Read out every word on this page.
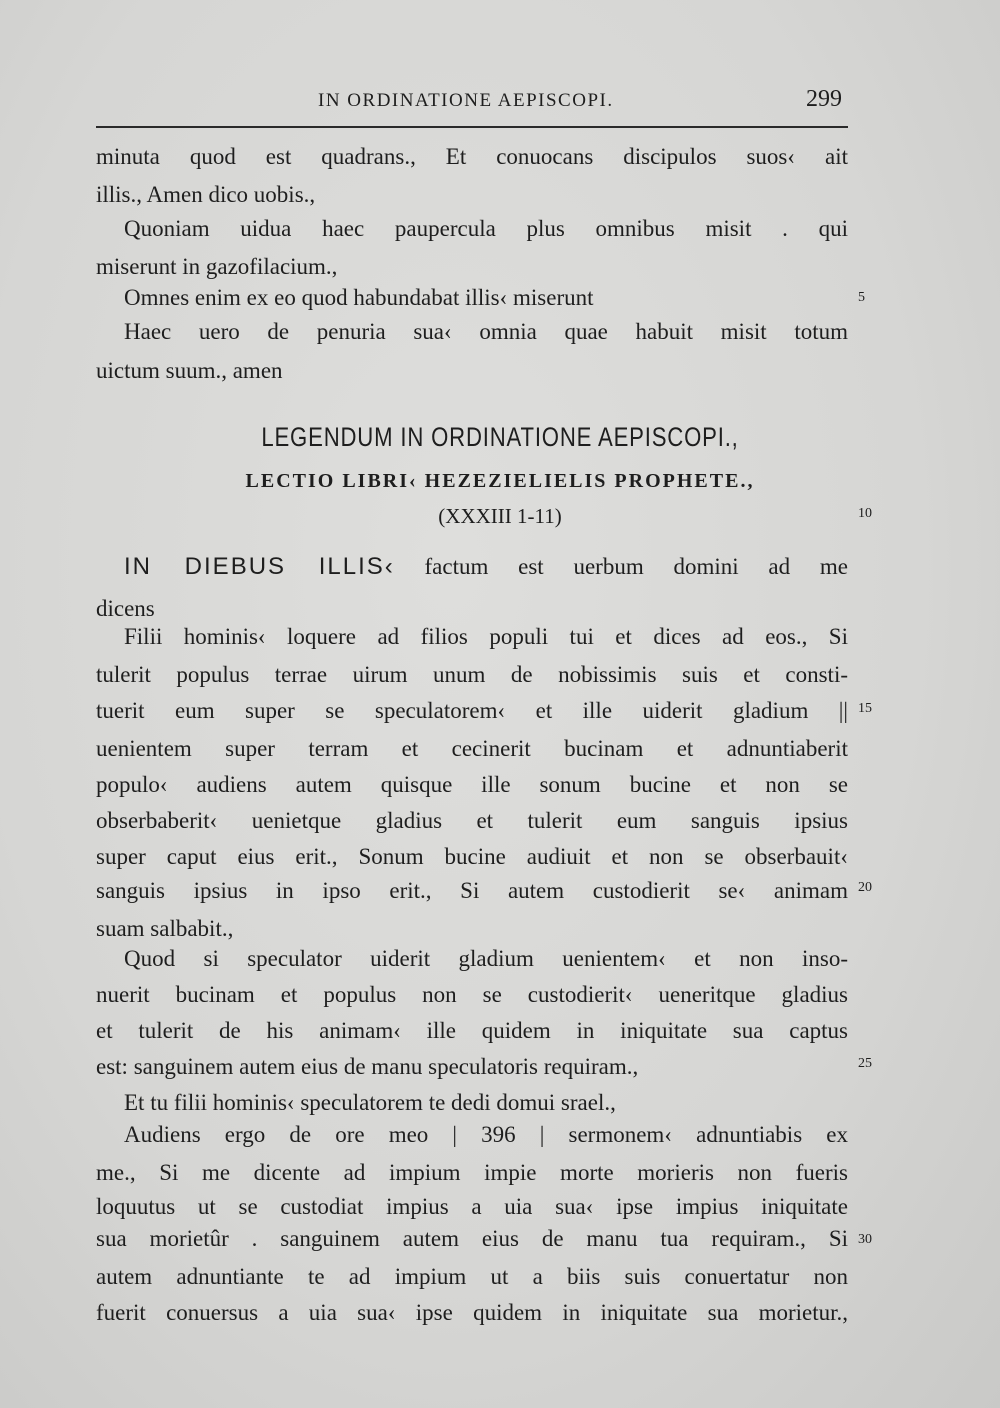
IN ORDINATIONE AEPISCOPI.	299
minuta quod est quadrans., Et conuocans discipulos suos‹ ait
illis., Amen dico uobis.,
Quoniam uidua haec paupercula plus omnibus misit . qui
miserunt in gazofilacium.,
Omnes enim ex eo quod habundabat illis‹ miserunt	5
Haec uero de penuria sua‹ omnia quae habuit misit totum
uictum suum., amen
LEGENDUM IN ORDINATIONE AEPISCOPI.,
LECTIO LIBRI‹ HEZEZIELIELIS PROPHETE.,
(XXXIII 1-11)	10
IN DIEBUS ILLIS‹ factum est uerbum domini ad me
dicens
Filii hominis‹ loquere ad filios populi tui et dices ad eos., Si
tulerit populus terrae uirum unum de nobissimis suis et consti-
tuerit eum super se speculatorem‹ et ille uiderit gladium || 15
uenientem super terram et cecinerit bucinam et adnuntiaberit
populo‹ audiens autem quisque ille sonum bucine et non se
obserbaberit‹ uenietque gladius et tulerit eum sanguis ipsius
super caput eius erit., Sonum bucine audiuit et non se obserbauit‹
sanguis ipsius in ipso erit., Si autem custodierit se‹ animam 20
suam salbabit.,
Quod si speculator uiderit gladium uenientem‹ et non inso-
nuerit bucinam et populus non se custodierit‹ ueneritque gladius
et tulerit de his animam‹ ille quidem in iniquitate sua captus
est: sanguinem autem eius de manu speculatoris requiram.,	25
Et tu filii hominis‹ speculatorem te dedi domui srael.,
Audiens ergo de ore meo | 396 | sermonem‹ adnuntiabis ex
me., Si me dicente ad impium impie morte morieris non fueris
loquutus ut se custodiat impius a uia sua‹ ipse impius iniquitate
sua morietûr . sanguinem autem eius de manu tua requiram., Si 30
autem adnuntiante te ad impium ut a biis suis conuertatur non
fuerit conuersus a uia sua‹ ipse quidem in iniquitate sua morietur.,
